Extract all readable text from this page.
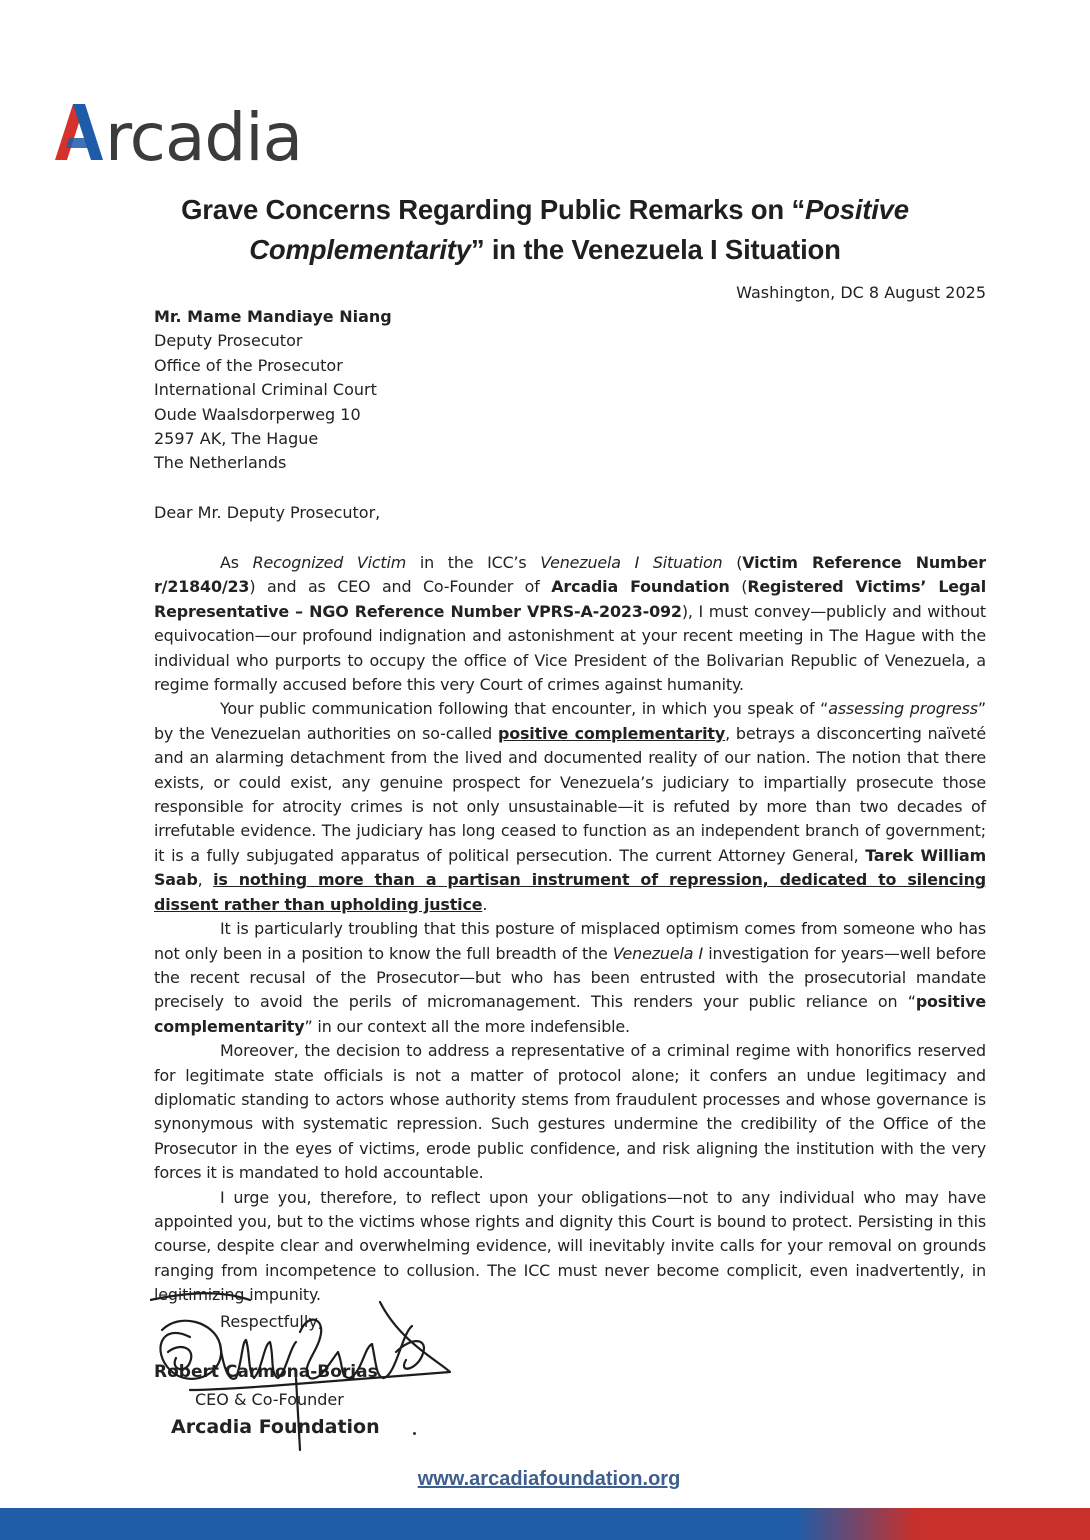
rcadia
Grave Concerns Regarding Public Remarks on “Positive
Complementarity” in the Venezuela I Situation
Washington, DC 8 August 2025
Mr. Mame Mandiaye Niang
Deputy Prosecutor
Office of the Prosecutor
International Criminal Court
Oude Waalsdorperweg 10
2597 AK, The Hague
The Netherlands
Dear Mr. Deputy Prosecutor,

As Recognized Victim in the ICC’s Venezuela I Situation (Victim Reference Number r/21840/23) and as CEO and Co-Founder of Arcadia Foundation (Registered Victims’ Legal Representative – NGO Reference Number VPRS-A-2023-092), I must convey—publicly and without equivocation—our profound indignation and astonishment at your recent meeting in The Hague with the individual who purports to occupy the office of Vice President of the Bolivarian Republic of Venezuela, a regime formally accused before this very Court of crimes against humanity.

Your public communication following that encounter, in which you speak of “assessing progress” by the Venezuelan authorities on so-called positive complementarity, betrays a disconcerting naïveté and an alarming detachment from the lived and documented reality of our nation. The notion that there exists, or could exist, any genuine prospect for Venezuela’s judiciary to impartially prosecute those responsible for atrocity crimes is not only unsustainable—it is refuted by more than two decades of irrefutable evidence. The judiciary has long ceased to function as an independent branch of government; it is a fully subjugated apparatus of political persecution. The current Attorney General, Tarek William Saab, is nothing more than a partisan instrument of repression, dedicated to silencing dissent rather than upholding justice.

It is particularly troubling that this posture of misplaced optimism comes from someone who has not only been in a position to know the full breadth of the Venezuela I investigation for years—well before the recent recusal of the Prosecutor—but who has been entrusted with the prosecutorial mandate precisely to avoid the perils of micromanagement. This renders your public reliance on “positive complementarity” in our context all the more indefensible.

Moreover, the decision to address a representative of a criminal regime with honorifics reserved for legitimate state officials is not a matter of protocol alone; it confers an undue legitimacy and diplomatic standing to actors whose authority stems from fraudulent processes and whose governance is synonymous with systematic repression. Such gestures undermine the credibility of the Office of the Prosecutor in the eyes of victims, erode public confidence, and risk aligning the institution with the very forces it is mandated to hold accountable.

I urge you, therefore, to reflect upon your obligations—not to any individual who may have appointed you, but to the victims whose rights and dignity this Court is bound to protect. Persisting in this course, despite clear and overwhelming evidence, will inevitably invite calls for your removal on grounds ranging from incompetence to collusion. The ICC must never become complicit, even inadvertently, in legitimizing impunity.

Respectfully,
Robert Carmona-Borjas
CEO & Co-Founder
Arcadia Foundation
www.arcadiafoundation.org
